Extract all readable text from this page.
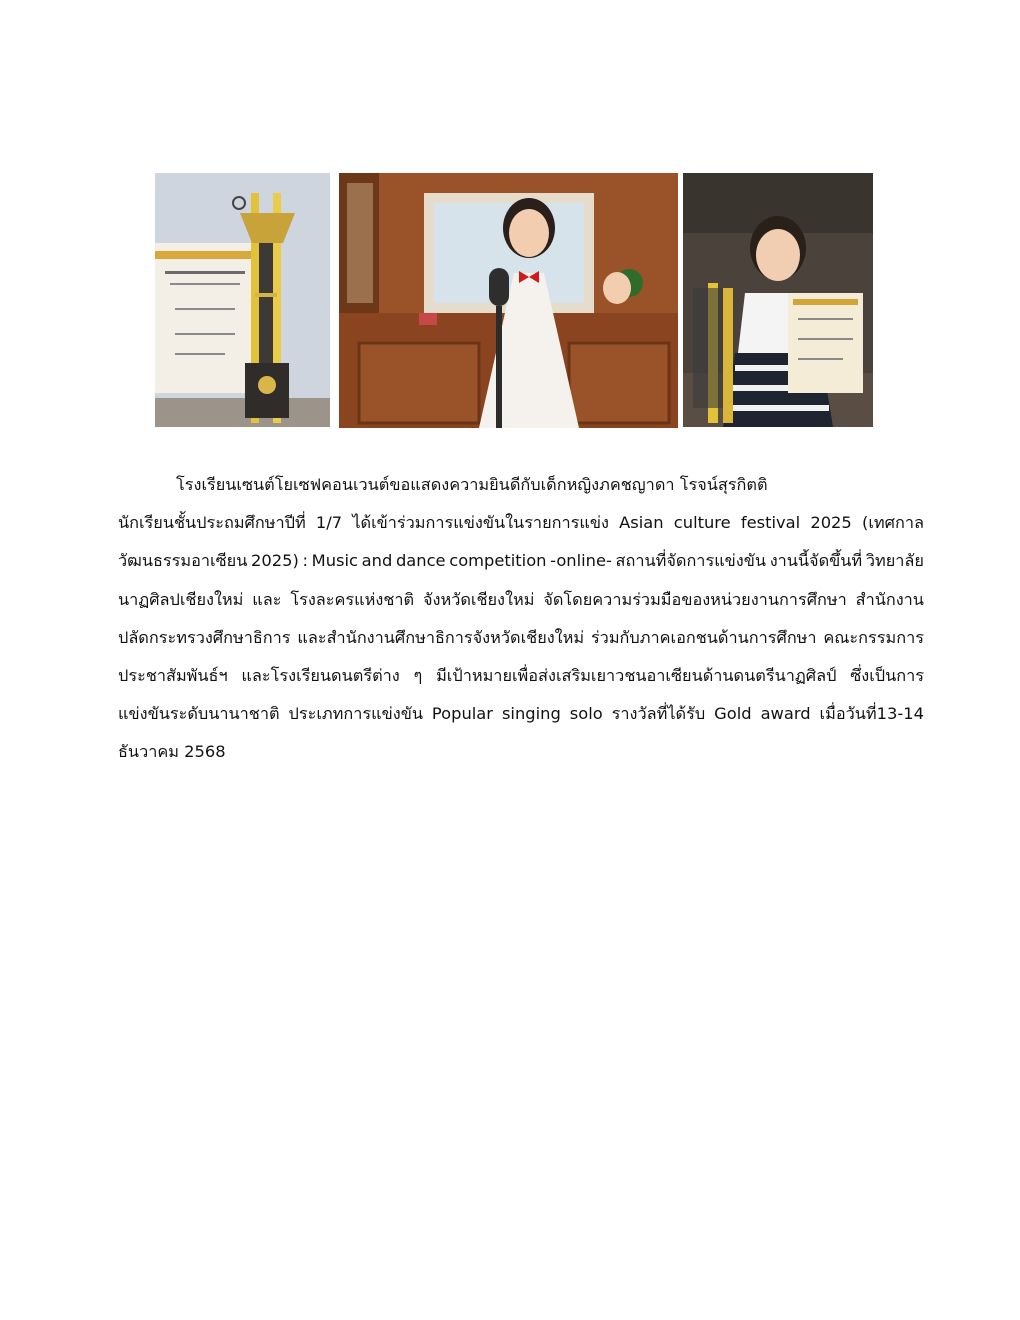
โรงเรียนเซนต์โยเซฟคอนเวนต์ขอแสดงความยินดีกับเด็กหญิงภคชญาดา โรจน์สุรกิตติ
นักเรียนชั้นประถมศึกษาปีที่ 1/7 ได้เข้าร่วมการแข่งขันในรายการแข่ง Asian culture festival 2025 (เทศกาล
วัฒนธรรมอาเซียน 2025) : Music and dance competition -online- สถานที่จัดการแข่งขัน งานนี้จัดขึ้นที่ วิทยาลัย
นาฏศิลปเชียงใหม่ และ โรงละครแห่งชาติ จังหวัดเชียงใหม่ จัดโดยความร่วมมือของหน่วยงานการศึกษา สำนักงาน
ปลัดกระทรวงศึกษาธิการ และสำนักงานศึกษาธิการจังหวัดเชียงใหม่ ร่วมกับภาคเอกชนด้านการศึกษา คณะกรรมการ
ประชาสัมพันธ์ฯ และโรงเรียนดนตรีต่าง ๆ มีเป้าหมายเพื่อส่งเสริมเยาวชนอาเซียนด้านดนตรีนาฏศิลป์ ซึ่งเป็นการ
แข่งขันระดับนานาชาติ ประเภทการแข่งขัน Popular singing solo รางวัลที่ได้รับ Gold award เมื่อวันที่13-14
ธันวาคม 2568
